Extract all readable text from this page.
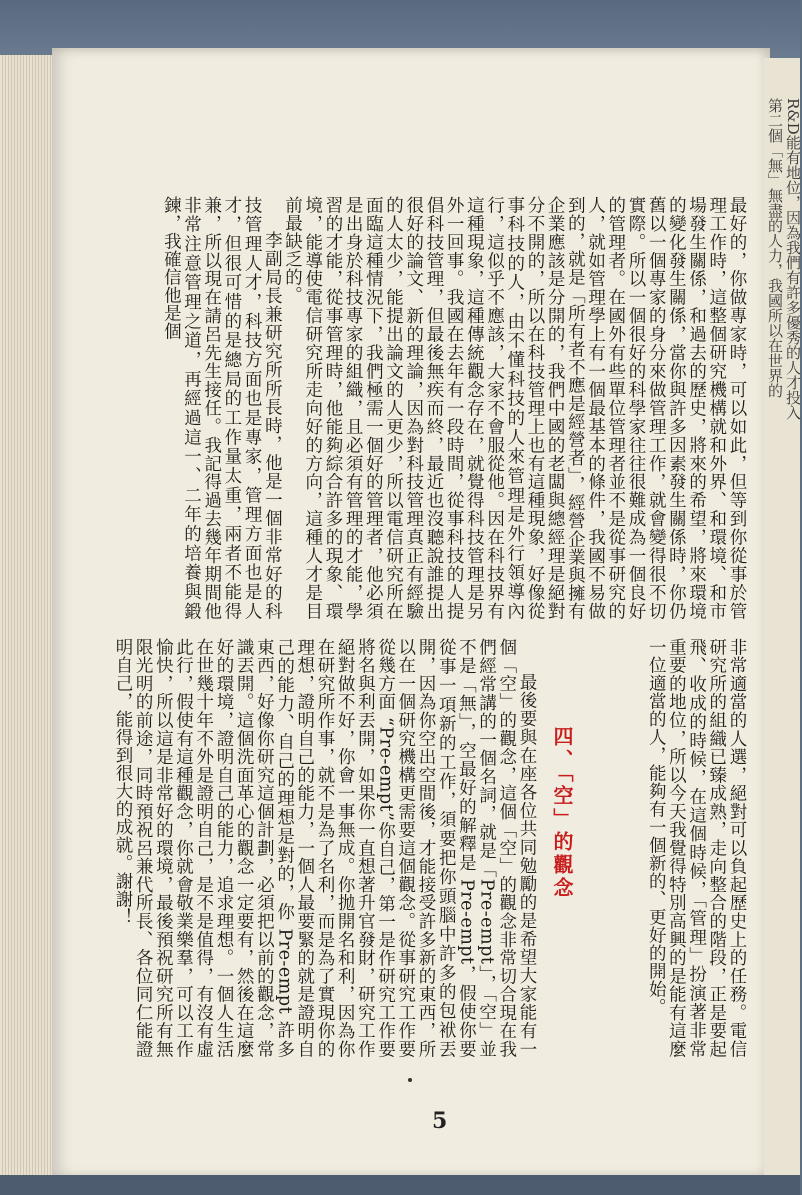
最好的，你做專家時，可以如此，但等到你從事於管理工作時，這整個研究機構就和外界、和環境、和市場發生關係，和過去的歷史，將來的希望，將來環境的變化發生關係，當你與許多因素發生關係時，你仍舊以一個專家的身分來做管理工作，就會變得很不切實際。所以一個很好的科學家往往很難成為一個良好的管理者。在國外有些單位管理者並不是從事研究的人，就如管理學上有一個最基本的條件，我國不易做到的，就是「所有者不應是經營者」，經營企業與擁有企業應該是分開的，我們中國的老闆與總經理是絕對分不開的，所以在科技管理上也有這種現象，好像從事科技的人，由不懂科技的人來管理是外行領導內行，這似乎不應該，大家不會服從他。因在科技界有這種現象，這種傳統觀念存在，就覺得科技管理是另外一回事。我國在去年有一段時間，從事科技的人提倡科技管理，但最後無疾而終，最近也沒聽說誰提出很好的論文、新的理論，因為對科技管理真正有經驗的人太少，能提出論文的人更少，所以電信研究所在面臨這種情況下，我們極需一個好的管理者，他必須是出身於科技專家的組織，且必須有管理的才能，學習的才能，從事管理時，他能夠綜合許多的現象、環境，能導使電信研究所走向好的方向，這種人才是目前最缺乏的。

李副局長兼研究所所長時，他是一個非常好的科技管理人才，科技方面也是專家，管理方面也是人才，但很可惜的是總局的工作量太重，兩者不能得兼，所以現在請呂先生接任。我記得過去幾年期間他非常注意管理之道，再經過這一、二年的培養與鍛鍊，我確信他是個

非常適當的人選，絕對可以負起歷史上的任務。電信研究所的組織已臻成熟，走向整合的階段，正是要起飛、收成的時候，在這個時候，「管理」扮演著非常重要的地位，所以今天我覺得特別高興的是能有這麼一位適當的人，能夠有一個新的、更好的開始。

四、「空」的觀念

最後要與在座各位共同勉勵的是希望大家能有一個「空」的觀念，這個「空」的觀念非常切合現在我們經常講的一個名詞，就是「Pre-empt」，「空」並不是「無」，空最好的解釋是 Pre-empt，假使你要從事一項新的工作，須要把你頭腦中許多的包袱丟開，因為你空出空間後，才能接受許多新的東西，所以在一個研究機構更需要這個觀念。從事研究工作要從幾方面 “Pre-empt”你自己，第一是作研究工作要將名與利丟開，如果你一直想著升官發財，研究工作絕對做不好，你會一事無成。你拋開名和利，因為你在研究所作事，就不是為了名利，而是為了實現你的理想，證明自己的能力，一個人最要緊的就是證明自己的能力、自己的理想是對的，你 Pre-empt 許多東西，好像你研究這個計劃，必須把以前的觀念，常識丟開。這個洗面革心的觀念一定要有，然後在這麼好的環境，證明自己的能力，追求理想。一個人生活在世幾十年不外是證明自己，是不是值得，有沒有虛此行，假使有這種觀念，你就會敬業樂羣，可以工作愉快，所以這是非常好的環境，最後預祝研究所有無限光明的前途，同時預祝呂兼代所長、各位同仁能證明自己，能得到很大的成就。謝謝！

5
第二個「無」無盡的人力，我國所以在世界的 R&D能有地位，因為我們有許多優秀的人才投入
